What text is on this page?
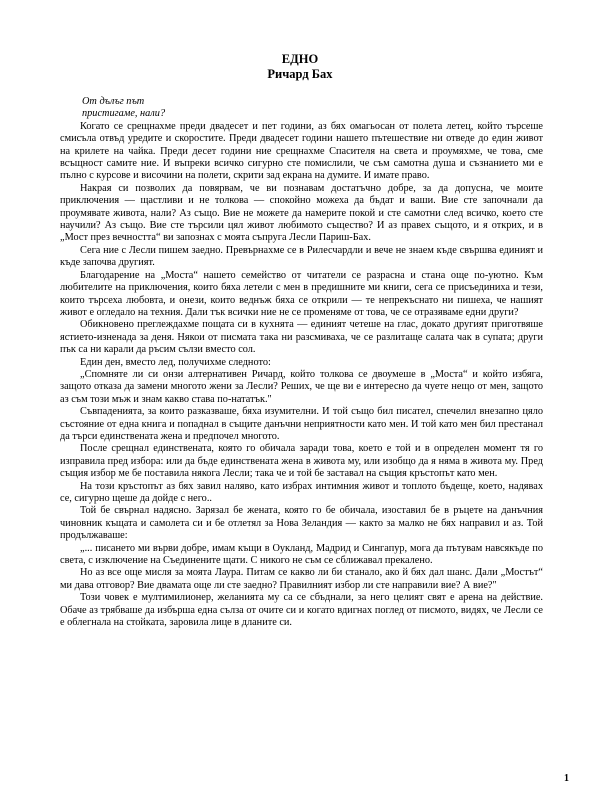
ЕДНО
Ричард Бах

От дълъг път

пристигаме, нали?

Когато се срещнахме преди двадесет и пет години, аз бях омагьосан от полета летец, който търсеше смисъла отвъд уредите и скоростите. Преди двадесет години нашето пътешествие ни отведе до един живот на крилете на чайка. Преди десет години ние срещнахме Спасителя на света и проумяхме, че това, сме всъщност самите ние. И въпреки всичко сигурно сте помислили, че съм самотна душа и съзнанието ми е пълно с курсове и височини на полети, скрити зад екрана на думите. И имате право.

Накрая си позволих да повярвам, че ви познавам достатъчно добре, за да допусна, че моите приключения — щастливи и не толкова — спокойно можеха да бъдат и ваши. Вие сте започнали да проумявате живота, нали? Аз също. Вие не можете да намерите покой и сте самотни след всичко, което сте научили? Аз също. Вие сте търсили цял живот любимото същество? И аз правех същото, и я открих, и в „Мост през вечността“ ви запознах с моята съпруга Лесли Париш-Бах.

Сега ние с Лесли пишем заедно. Превърнахме се в Рилесчардли и вече не знаем къде свършва единият и къде започва другият.

Благодарение на „Моста“ нашето семейство от читатели се разрасна и стана още по-уютно. Към любителите на приключения, които бяха летели с мен в предишните ми книги, сега се присъединиха и тези, които търсеха любовта, и онези, които веднъж бяха се открили — те непрекъснато ни пишеха, че нашият живот е огледало на техния. Дали тък всички ние не се променяме от това, че се отразяваме едни други?

Обикновено преглеждахме пощата си в кухнята — единият четеше на глас, докато другият приготвяше ястието-изненада за деня. Някои от писмата така ни разсмиваха, че се разлитаще салата чак в супата; други пък са ни карали да ръсим сълзи вместо сол.

Един ден, вместо лед, получихме следното:

„Спомняте ли си онзи алтернативен Ричард, който толкова се двоумеше в „Моста“ и който избяга, защото отказа да замени многото жени за Лесли? Реших, че ще ви е интересно да чуете нещо от мен, защото аз съм този мъж и знам какво става по-нататък."

Съвпаденията, за които разказваше, бяха изумителни. И той също бил писател, спечелил внезапно цяло състояние от една книга и попаднал в същите данъчни неприятности като мен. И той като мен бил престанал да търси единствената жена и предпочел многото.

После срещнал единствената, която го обичала заради това, което е той и в определен момент тя го изправила пред избора: или да бъде единствената жена в живота му, или изобщо да я няма в живота му. Пред същия избор ме бе поставила някога Лесли; така че и той бе заставал на същия кръстопът като мен.

На този кръстопът аз бях завил наляво, като избрах интимния живот и топлото бъдеще, което, надявах се, сигурно щеше да дойде с него..

Той бе свърнал надясно. Зарязал бе жената, която го бе обичала, изоставил бе в ръцете на данъчния чиновник къщата и самолета си и бе отлетял за Нова Зеландия — както за малко не бях направил и аз. Той продължаваше:

„... писането ми върви добре, имам къщи в Оукланд, Мадрид и Сингапур, мога да пътувам навсякъде по света, с изключение на Съединените щати. С никого не съм се сближавал прекалено.

Но аз все още мисля за моята Лаура. Питам се какво ли би станало, ако й бях дал шанс. Дали „Мостът“ ми дава отговор? Вие двамата още ли сте заедно? Правилният избор ли сте направили вие? А вие?"

Този човек е мултимилионер, желанията му са се сбъднали, за него целият свят е арена на действие. Обаче аз трябваше да избърша една сълза от очите си и когато вдигнах поглед от писмото, видях, че Лесли се е облегнала на стойката, заровила лице в дланите си.

1
